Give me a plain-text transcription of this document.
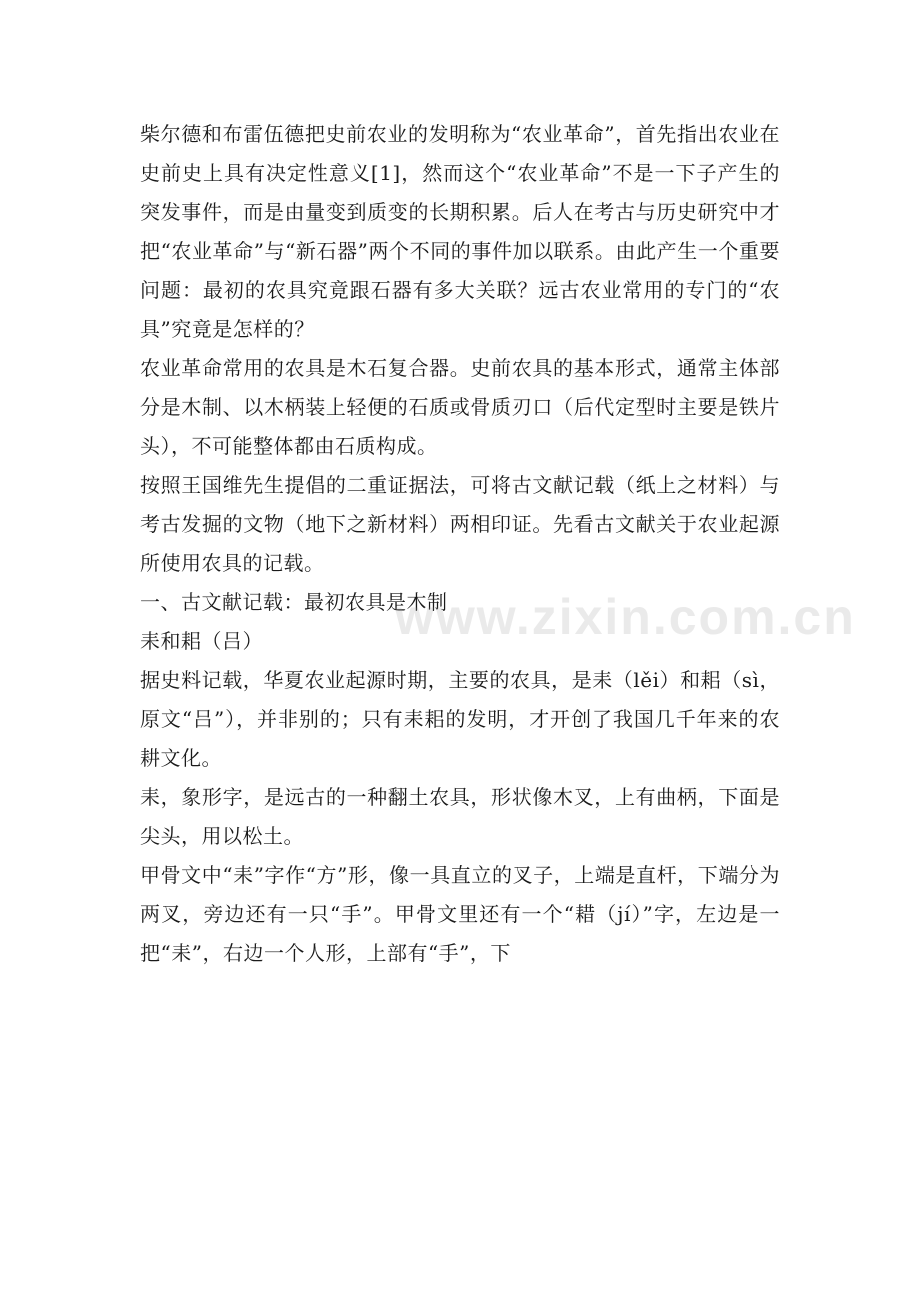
柴尔德和布雷伍德把史前农业的发明称为“农业革命”，首先指出农业在史前史上具有决定性意义[1]，然而这个“农业革命”不是一下子产生的突发事件，而是由量变到质变的长期积累。后人在考古与历史研究中才把“农业革命”与“新石器”两个不同的事件加以联系。由此产生一个重要问题：最初的农具究竟跟石器有多大关联？远古农业常用的专门的“农具”究竟是怎样的？

农业革命常用的农具是木石复合器。史前农具的基本形式，通常主体部分是木制、以木柄装上轻便的石质或骨质刃口（后代定型时主要是铁片头），不可能整体都由石质构成。

按照王国维先生提倡的二重证据法，可将古文献记载（纸上之材料）与考古发掘的文物（地下之新材料）两相印证。先看古文献关于农业起源所使用农具的记载。

一、古文献记载：最初农具是木制

耒和耜（吕）

据史料记载，华夏农业起源时期，主要的农具，是耒（lěi）和耜（sì，原文“吕”），并非别的；只有耒耜的发明，才开创了我国几千年来的农耕文化。

耒，象形字，是远古的一种翻土农具，形状像木叉，上有曲柄，下面是尖头，用以松土。

甲骨文中“耒”字作“方”形，像一具直立的叉子，上端是直杆，下端分为两叉，旁边还有一只“手”。甲骨文里还有一个“耤（jí）”字，左边是一把“耒”，右边一个人形，上部有“手”，下

www.zixin.com.cn
